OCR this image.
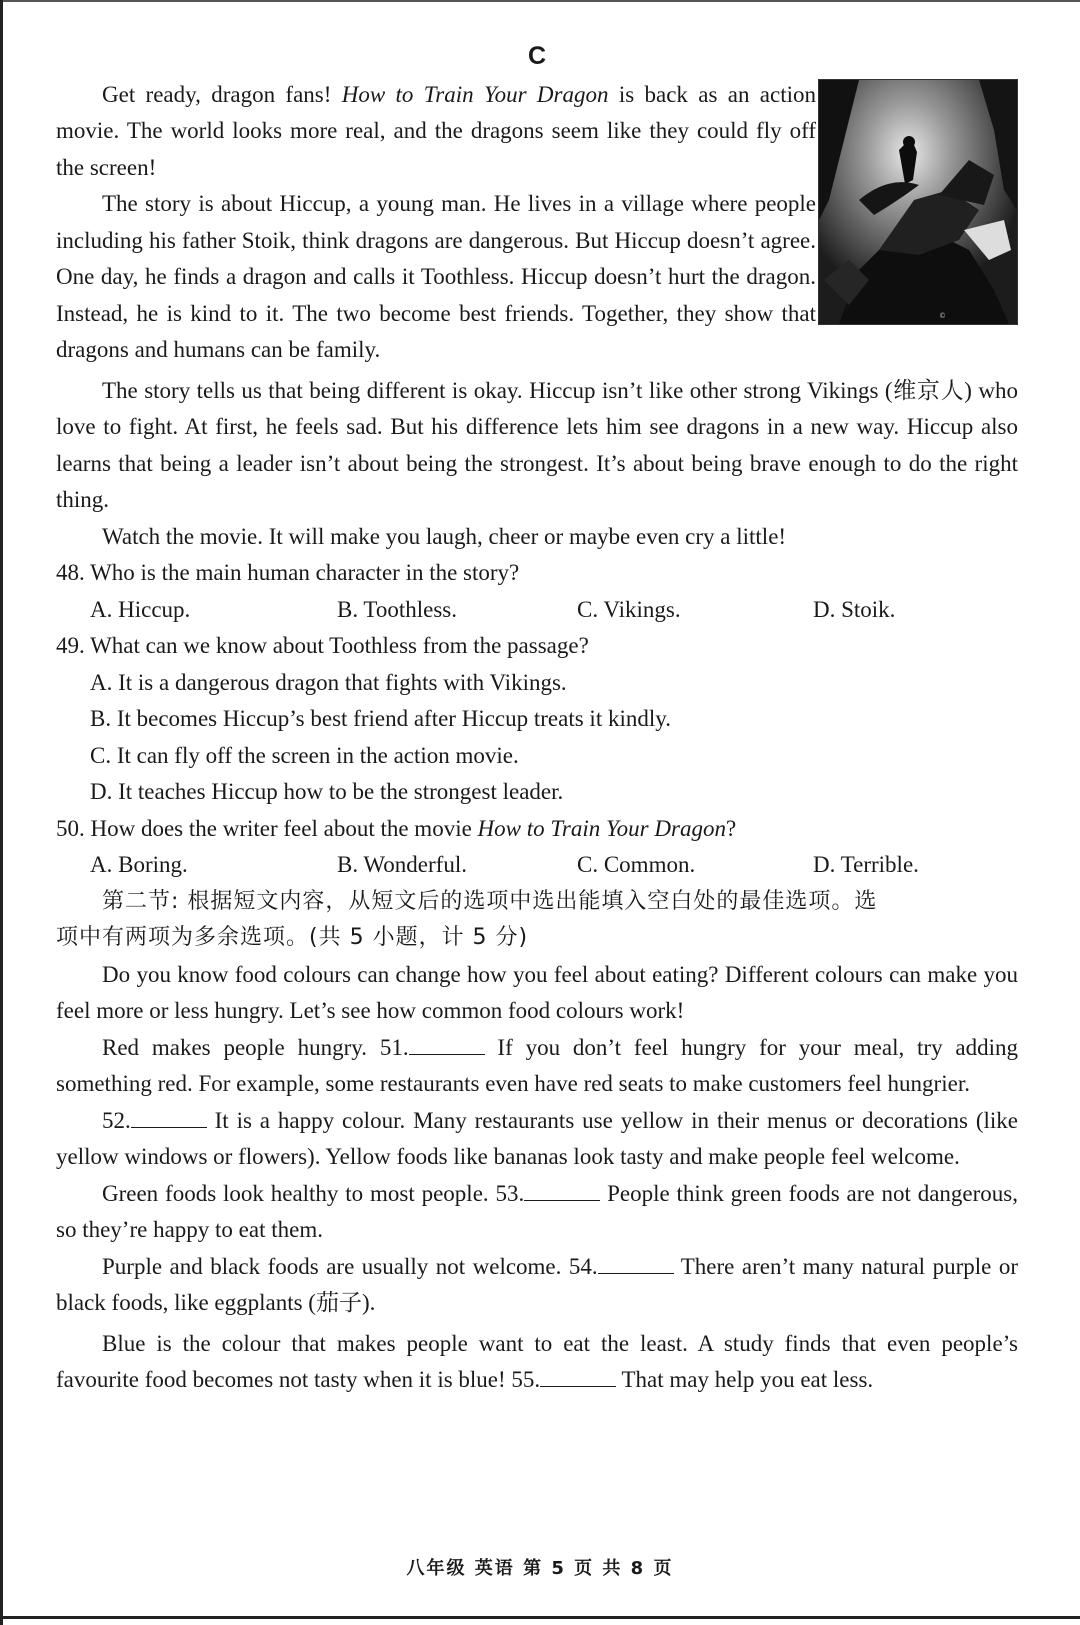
C
©

Get ready, dragon fans! How to Train Your Dragon is back as an action movie. The world looks more real, and the dragons seem like they could fly off the screen!

The story is about Hiccup, a young man. He lives in a village where people including his father Stoik, think dragons are dangerous. But Hiccup doesn’t agree. One day, he finds a dragon and calls it Toothless. Hiccup doesn’t hurt the dragon. Instead, he is kind to it. The two become best friends. Together, they show that dragons and humans can be family.

The story tells us that being different is okay. Hiccup isn’t like other strong Vikings (维京人) who love to fight. At first, he feels sad. But his difference lets him see dragons in a new way. Hiccup also learns that being a leader isn’t about being the strongest. It’s about being brave enough to do the right thing.

Watch the movie. It will make you laugh, cheer or maybe even cry a little!

48. Who is the main human character in the story?
A. Hiccup.	B. Toothless.	C. Vikings.	D. Stoik.
49. What can we know about Toothless from the passage?
A. It is a dangerous dragon that fights with Vikings.
B. It becomes Hiccup’s best friend after Hiccup treats it kindly.
C. It can fly off the screen in the action movie.
D. It teaches Hiccup how to be the strongest leader.
50. How does the writer feel about the movie How to Train Your Dragon?
A. Boring.	B. Wonderful.	C. Common.	D. Terrible.
第二节: 根据短文内容，从短文后的选项中选出能填入空白处的最佳选项。选
项中有两项为多余选项。(共 5 小题，计 5 分)

Do you know food colours can change how you feel about eating? Different colours can make you feel more or less hungry. Let’s see how common food colours work!

Red makes people hungry. 51.	If you don’t feel hungry for your meal, try adding something red. For example, some restaurants even have red seats to make customers feel hungrier.

52.	It is a happy colour. Many restaurants use yellow in their menus or decorations (like yellow windows or flowers). Yellow foods like bananas look tasty and make people feel welcome.

Green foods look healthy to most people. 53.	People think green foods are not dangerous, so they’re happy to eat them.

Purple and black foods are usually not welcome. 54.	There aren’t many natural purple or black foods, like eggplants (茄子).

Blue is the colour that makes people want to eat the least. A study finds that even people’s favourite food becomes not tasty when it is blue! 55.	That may help you eat less.

八年级 英语 第 5 页 共 8 页
